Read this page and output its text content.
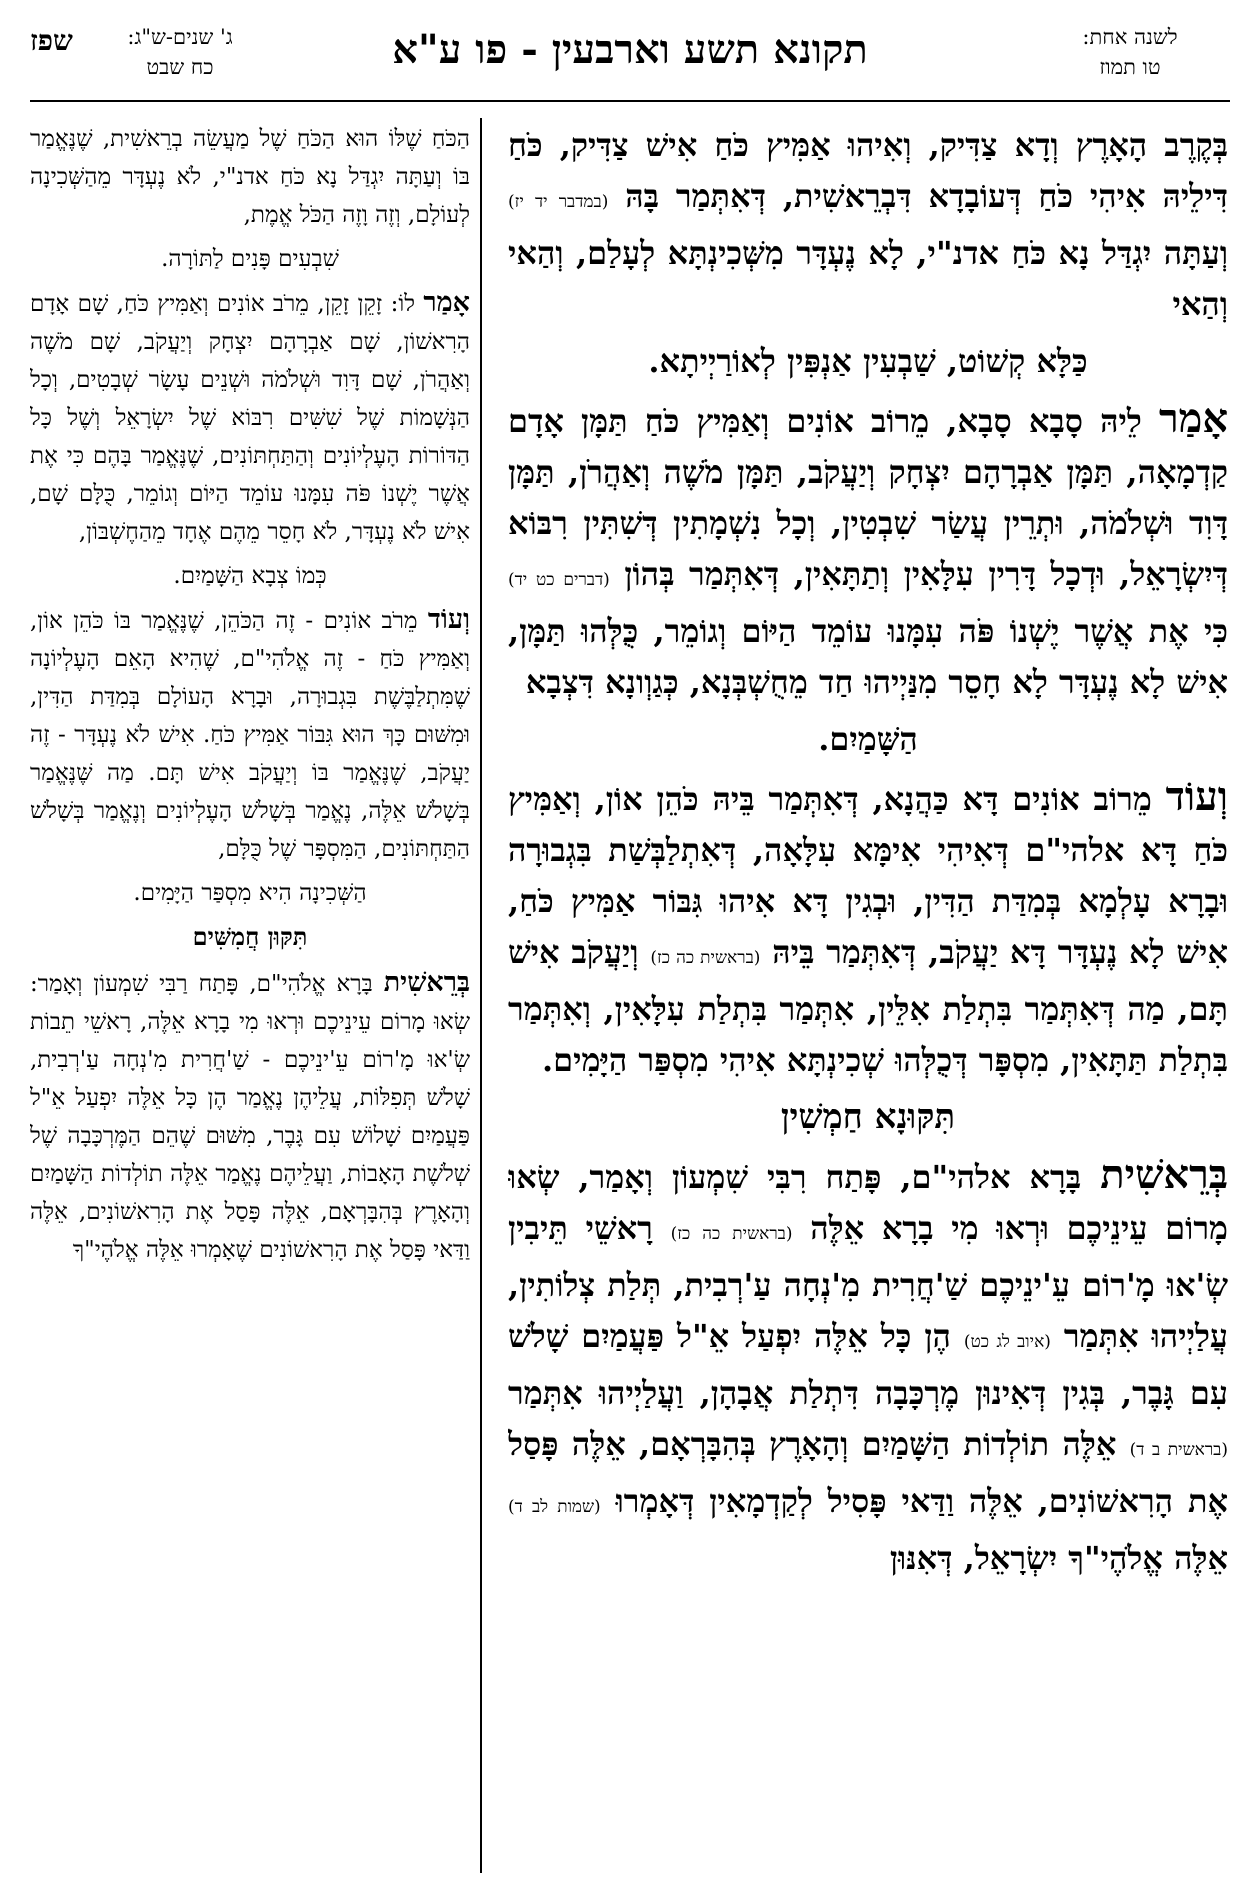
לשנה אחת:
טו תמוז
תקונא תשע וארבעין - פו ע"א
ג' שנים-ש"ג:
כח שבט
שפז

בְּקֶרֶב הָאָרֶץ וְדָא צַדִּיק, וְאִיהוּ אַמִּיץ כֹּחַ אִישׁ צַדִּיק, כֹּחַ דִּילֵיהּ אִיהִי כֹּחַ דְּעוֹבָדָא דִּבְרֵאשִׁית, דְּאִתְּמַר בָּהּ (במדבר יד יז) וְעַתָּה יִגְדַּל נָא כֹּחַ אדנ"י, לָא נֶעְדָּר מִשְּׁכִינְתָּא לְעָלַם, וְהַאי וְהַאי

כַּלָּא קְשׁוֹט, שַׁבְעִין אַנְפִּין לְאוֹרַיְיתָא.

אָמַר לֵיהּ סָבָא סָבָא, מֵרוֹב אוֹנִים וְאַמִּיץ כֹּחַ תַּמָּן אָדָם קַדְמָאָה, תַּמָּן אַבְרָהָם יִצְחָק וְיַעֲקֹב, תַּמָּן מֹשֶׁה וְאַהֲרֹן, תַּמָּן דָּוִד וּשְׁלֹמֹה, וּתְרֵין עֲשַׂר שִׁבְטִין, וְכָל נִשְׁמָתִין דְּשִׁתִּין רִבּוֹא דְּיִשְׂרָאֵל, וּדְכָל דָּרִין עִלָּאִין וְתַתָּאִין, דְּאִתְּמַר בְּהוֹן (דברים כט יד) כִּי אֶת אֲשֶׁר יֶשְׁנוֹ פֹּה עִמָּנוּ עוֹמֵד הַיּוֹם וְגוֹמֵר, כֻּלְּהוּ תַּמָּן, אִישׁ לָא נֶעְדָּר לָא חָסֵר מִנַּיְיהוּ חַד מֵחֻשְׁבְּנָא, כְּגַוְונָא דִּצְבָא

הַשָּׁמַיִם.

וְעוֹד מֵרוֹב אוֹנִים דָּא כַּהֲנָא, דְּאִתְּמַר בֵּיהּ כֹּהֵן אוֹן, וְאַמִּיץ כֹּחַ דָּא אלהי"ם דְּאִיהִי אִימָּא עִלָּאָה, דְּאִתְלַבְּשַׁת בִּגְבוּרָה וּבָרָא עָלְמָא בְּמִדַּת הַדִּין, וּבְגִין דָּא אִיהוּ גִּבּוֹר אַמִּיץ כֹּחַ, אִישׁ לָא נֶעְדָּר דָּא יַעֲקֹב, דְּאִתְּמַר בֵּיהּ (בראשית כה כז) וְיַעֲקֹב אִישׁ תָּם, מַה דְּאִתְּמַר בִּתְלַת אִלֵּין, אִתְּמַר בִּתְלַת עִלָּאִין, וְאִתְּמַר בִּתְלַת תַּתָּאִין, מִסְפָּר דְּכֻלְּהוּ שְׁכִינְתָּא אִיהִי מִסְפַּר הַיָּמִים.

תִּקּוּנָא חַמְשִׁין

בְּרֵאשִׁית בָּרָא אלהי"ם, פָּתַח רִבִּי שִׁמְעוֹן וְאָמַר, שְׂאוּ מָרוֹם עֵינֵיכֶם וּרְאוּ מִי בָרָא אֵלֶּה (בראשית כה כז) רָאשֵׁי תֵּיבִין שְׂ'אוּ מָ'רוֹם עֵ'ינֵיכֶם שַׁ'חֲרִית מִ'נְחָה עַ'רְבִית, תְּלַת צְלוֹתִין, עֲלַיְיהוּ אִתְּמַר (איוב לג כט) הֶן כָּל אֵלֶּה יִפְעַל אֵ"ל פַּעֲמַיִם שָׁלֹשׁ עִם גָּבֶר, בְּגִין דְּאִינוּן מֶרְכָּבָה דִּתְלַת אֲבָהָן, וַעֲלַיְיהוּ אִתְּמַר (בראשית ב ד) אֵלֶּה תוֹלְדוֹת הַשָּׁמַיִם וְהָאָרֶץ בְּהִבָּרְאָם, אֵלֶּה פָּסַל אֶת הָרִאשׁוֹנִים, אֵלֶּה וַדַּאי פָּסִיל לְקַדְמָאִין דְּאָמְרוּ (שמות לב ד) אֵלֶּה אֱלֹהֶי"ךָ יִשְׂרָאֵל, דְּאִנּוּן

הַכֹּחַ שֶׁלּוֹ הוּא הַכֹּחַ שֶׁל מַעֲשֵׂה בְרֵאשִׁית, שֶׁנֶּאֱמַר בּוֹ וְעַתָּה יִגְדַּל נָא כֹּחַ אדנ"י, לֹא נֶעְדָּר מֵהַשְּׁכִינָה לְעוֹלָם, וְזֶה וָזֶה הַכֹּל אֱמֶת,

שִׁבְעִים פָּנִים לַתּוֹרָה.

אָמַר לוֹ: זָקֵן זָקֵן, מֵרֹב אוֹנִים וְאַמִּיץ כֹּחַ, שָׁם אָדָם הָרִאשׁוֹן, שָׁם אַבְרָהָם יִצְחָק וְיַעֲקֹב, שָׁם מֹשֶׁה וְאַהֲרֹן, שָׁם דָּוִד וּשְׁלֹמֹה וּשְׁנֵים עָשָׂר שְׁבָטִים, וְכָל הַנְּשָׁמוֹת שֶׁל שִׁשִּׁים רִבּוֹא שֶׁל יִשְׂרָאֵל וְשֶׁל כָּל הַדּוֹרוֹת הָעֶלְיוֹנִים וְהַתַּחְתּוֹנִים, שֶׁנֶּאֱמַר בָּהֶם כִּי אֶת אֲשֶׁר יֶשְׁנוֹ פֹּה עִמָּנוּ עוֹמֵד הַיּוֹם וְגוֹמֵר, כֻּלָּם שָׁם, אִישׁ לֹא נֶעְדָּר, לֹא חָסֵר מֵהֶם אֶחָד מֵהַחֶשְׁבּוֹן,

כְּמוֹ צְבָא הַשָּׁמַיִם.

וְעוֹד מֵרֹב אוֹנִים - זֶה הַכֹּהֵן, שֶׁנֶּאֱמַר בּוֹ כֹּהֵן אוֹן, וְאַמִּיץ כֹּחַ - זֶה אֱלֹהִי"ם, שֶׁהִיא הָאֵם הָעֶלְיוֹנָה שֶׁמִּתְלַבֶּשֶׁת בִּגְבוּרָה, וּבָרָא הָעוֹלָם בְּמִדַּת הַדִּין, וּמִשּׁוּם כָּךְ הוּא גִּבּוֹר אַמִּיץ כֹּחַ. אִישׁ לֹא נֶעְדָּר - זֶה יַעֲקֹב, שֶׁנֶּאֱמַר בּוֹ וְיַעֲקֹב אִישׁ תָּם. מַה שֶּׁנֶּאֱמַר בְּשָׁלֹשׁ אֵלֶּה, נֶאֱמַר בְּשָׁלֹשׁ הָעֶלְיוֹנִים וְנֶאֱמַר בְּשָׁלֹשׁ הַתַּחְתּוֹנִים, הַמִּסְפָּר שֶׁל כֻּלָּם,

הַשְּׁכִינָה הִיא מִסְפַּר הַיָּמִים.

תִּקּוּן חֲמִשִּׁים

בְּרֵאשִׁית בָּרָא אֱלֹהִי"ם, פָּתַח רַבִּי שִׁמְעוֹן וְאָמַר: שְׂאוּ מָרוֹם עֵינֵיכֶם וּרְאוּ מִי בָרָא אֵלֶּה, רָאשֵׁי תֵבוֹת שְׂ'אוּ מָ'רוֹם עֵ'ינֵיכֶם - שַׁ'חֲרִית מִ'נְחָה עַ'רְבִית, שָׁלֹשׁ תְּפִלּוֹת, עֲלֵיהֶן נֶאֱמַר הֶן כָּל אֵלֶּה יִפְעַל אֵ"ל פַּעֲמַיִם שָׁלוֹשׁ עִם גָּבֶר, מִשּׁוּם שֶׁהֵם הַמֶּרְכָּבָה שֶׁל שְׁלֹשֶׁת הָאָבוֹת, וַעֲלֵיהֶם נֶאֱמַר אֵלֶּה תוֹלְדוֹת הַשָּׁמַיִם וְהָאָרֶץ בְּהִבָּרְאָם, אֵלֶּה פָּסַל אֶת הָרִאשׁוֹנִים, אֵלֶּה וַדַּאי פָּסַל אֶת הָרִאשׁוֹנִים שֶׁאָמְרוּ אֵלֶּה אֱלֹהֶי"ךָ
